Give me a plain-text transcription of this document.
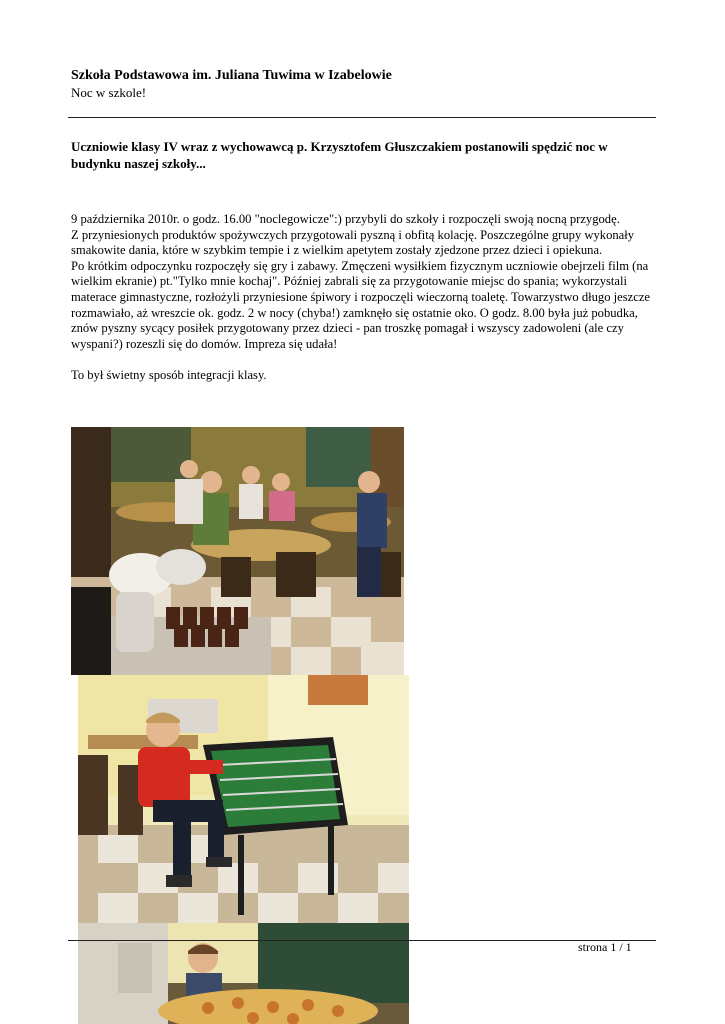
Szkoła Podstawowa im. Juliana Tuwima w Izabelowie
Noc w szkole!
Uczniowie klasy IV wraz z wychowawcą p. Krzysztofem Głuszczakiem postanowili spędzić noc w budynku naszej szkoły...

9 października 2010r. o godz. 16.00 "noclegowicze":) przybyli do szkoły i rozpoczęli swoją nocną przygodę.

Z przyniesionych produktów spożywczych przygotowali pyszną i obfitą kolację. Poszczególne grupy wykonały smakowite dania, które w szybkim tempie i z wielkim apetytem zostały zjedzone przez dzieci i opiekuna.

Po krótkim odpoczynku rozpoczęły się gry i zabawy. Zmęczeni wysiłkiem fizycznym uczniowie obejrzeli film (na wielkim ekranie) pt."Tylko mnie kochaj". Później zabrali się za przygotowanie miejsc do spania; wykorzystali materace gimnastyczne, rozłożyli przyniesione śpiwory i rozpoczęli wieczorną toaletę. Towarzystwo długo jeszcze rozmawiało, aż wreszcie ok. godz. 2 w nocy (chyba!) zamknęło się ostatnie oko. O godz. 8.00 była już pobudka, znów pyszny sycący posiłek przygotowany przez dzieci - pan troszkę pomagał i wszyscy zadowoleni (ale czy wyspani?) rozeszli się do domów. Impreza się udała!

To był świetny sposób integracji klasy.

strona 1 / 1
